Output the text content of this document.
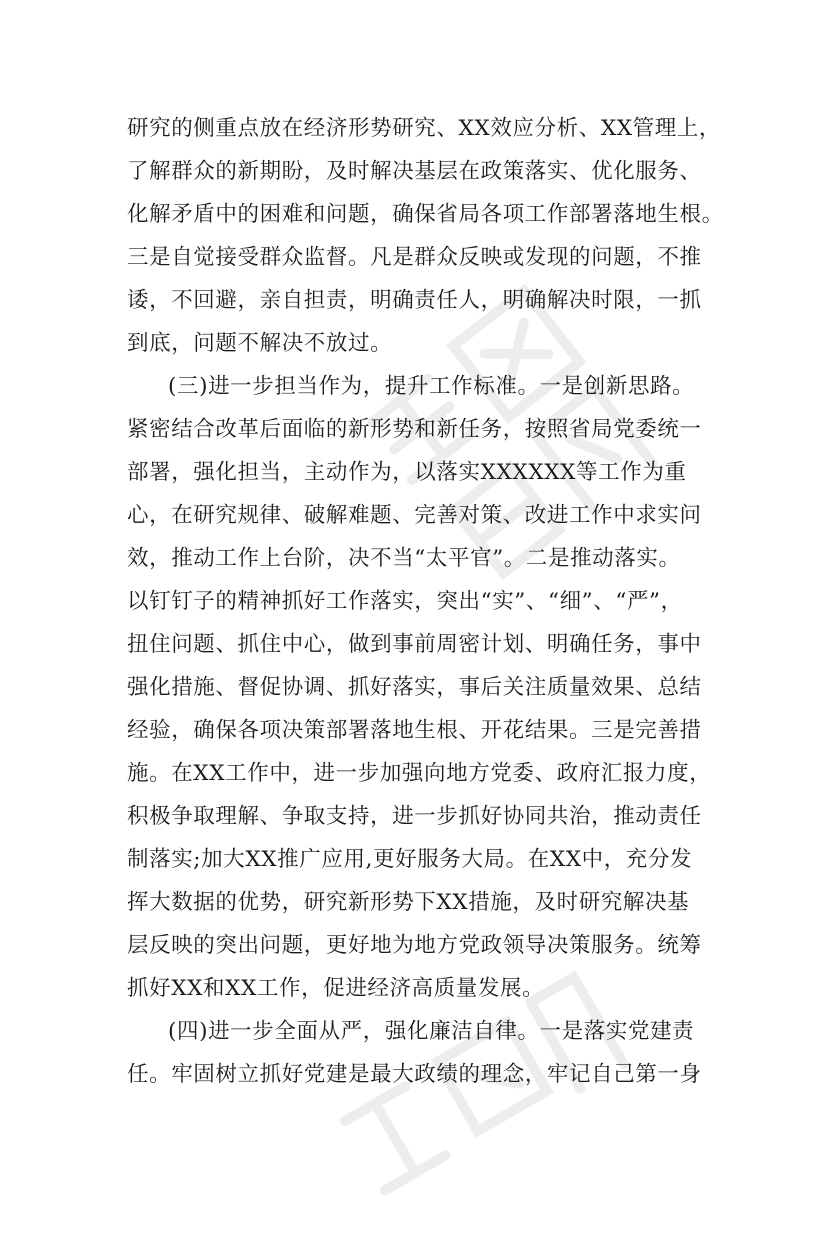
研究的侧重点放在经济形势研究、XX效应分析、XX管理上，
了解群众的新期盼，及时解决基层在政策落实、优化服务、
化解矛盾中的困难和问题，确保省局各项工作部署落地生根。
三是自觉接受群众监督。凡是群众反映或发现的问题，不推
诿，不回避，亲自担责，明确责任人，明确解决时限，一抓
到底，问题不解决不放过。
(三)进一步担当作为，提升工作标准。一是创新思路。
紧密结合改革后面临的新形势和新任务，按照省局党委统一
部署，强化担当，主动作为，以落实XXXXXX等工作为重
心，在研究规律、破解难题、完善对策、改进工作中求实问
效，推动工作上台阶，决不当“太平官”。二是推动落实。
以钉钉子的精神抓好工作落实，突出“实”、“细”、“严”，
扭住问题、抓住中心，做到事前周密计划、明确任务，事中
强化措施、督促协调、抓好落实，事后关注质量效果、总结
经验，确保各项决策部署落地生根、开花结果。三是完善措
施。在XX工作中，进一步加强向地方党委、政府汇报力度，
积极争取理解、争取支持，进一步抓好协同共治，推动责任
制落实;加大XX推广应用,更好服务大局。在XX中，充分发
挥大数据的优势，研究新形势下XX措施，及时研究解决基
层反映的突出问题，更好地为地方党政领导决策服务。统筹
抓好XX和XX工作，促进经济高质量发展。
(四)进一步全面从严，强化廉洁自律。一是落实党建责
任。牢固树立抓好党建是最大政绩的理念，牢记自己第一身
